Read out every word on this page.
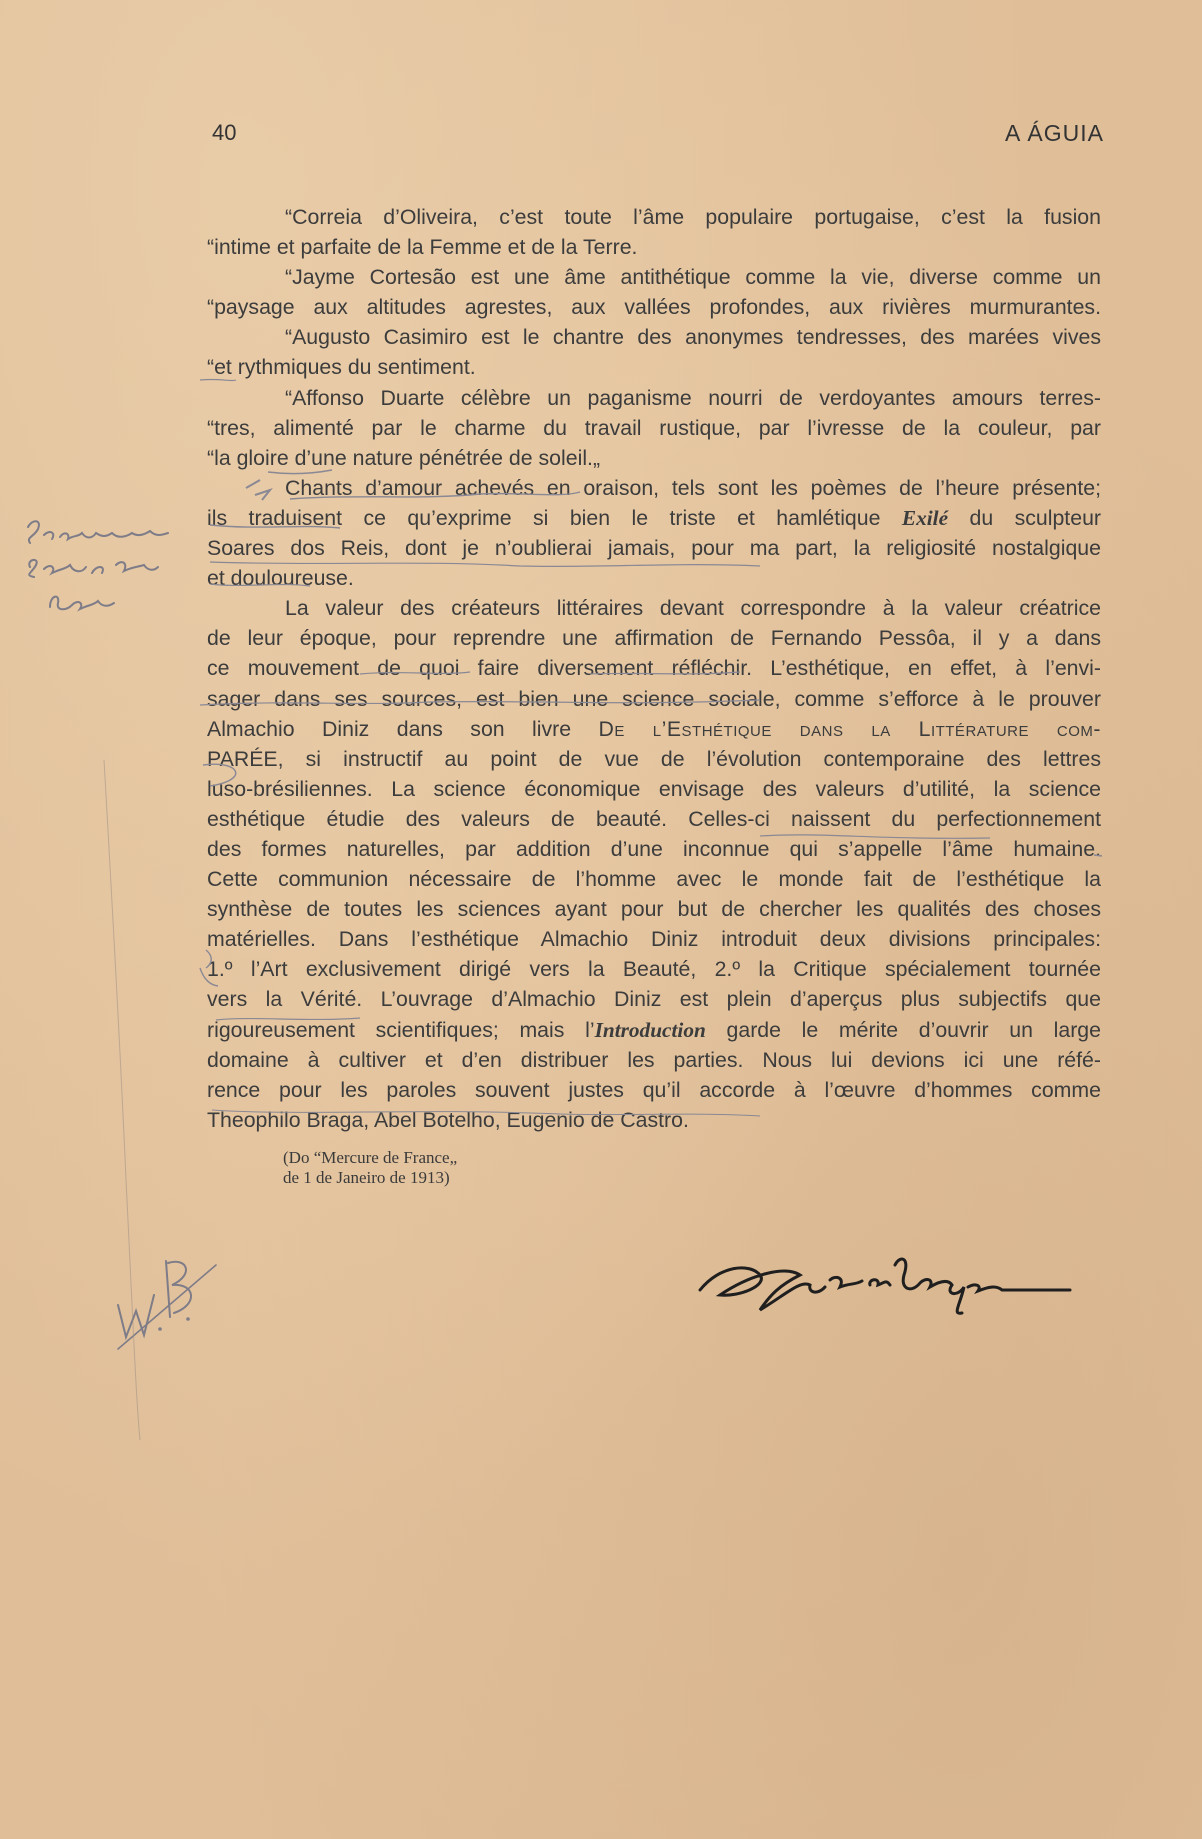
40	A ÁGUIA
“Correia d’Oliveira, c’est toute l’âme populaire portugaise, c’est la fusion
“intime et parfaite de la Femme et de la Terre.
“Jayme Cortesão est une âme antithétique comme la vie, diverse comme un
“paysage aux altitudes agrestes, aux vallées profondes, aux rivières murmurantes.
“Augusto Casimiro est le chantre des anonymes tendresses, des marées vives
“et rythmiques du sentiment.
“Affonso Duarte célèbre un paganisme nourri de verdoyantes amours terres-
“tres, alimenté par le charme du travail rustique, par l’ivresse de la couleur, par
“la gloire d’une nature pénétrée de soleil.„
Chants d’amour achevés en oraison, tels sont les poèmes de l’heure présente;
ils traduisent ce qu’exprime si bien le triste et hamlétique Exilé du sculpteur
Soares dos Reis, dont je n’oublierai jamais, pour ma part, la religiosité nostalgique
et douloureuse.
La valeur des créateurs littéraires devant correspondre à la valeur créatrice
de leur époque, pour reprendre une affirmation de Fernando Pessôa, il y a dans
ce mouvement de quoi faire diversement réfléchir. L’esthétique, en effet, à l’envi-
sager dans ses sources, est bien une science sociale, comme s’efforce à le prouver
Almachio Diniz dans son livre De l’Esthétique dans la Littérature com-
PARÉE, si instructif au point de vue de l’évolution contemporaine des lettres
luso-brésiliennes. La science économique envisage des valeurs d’utilité, la science
esthétique étudie des valeurs de beauté. Celles-ci naissent du perfectionnement
des formes naturelles, par addition d’une inconnue qui s’appelle l’âme humaine.
Cette communion nécessaire de l’homme avec le monde fait de l’esthétique la
synthèse de toutes les sciences ayant pour but de chercher les qualités des choses
matérielles. Dans l’esthétique Almachio Diniz introduit deux divisions principales:
1.º l’Art exclusivement dirigé vers la Beauté, 2.º la Critique spécialement tournée
vers la Vérité. L’ouvrage d’Almachio Diniz est plein d’aperçus plus subjectifs que
rigoureusement scientifiques; mais l’Introduction garde le mérite d’ouvrir un large
domaine à cultiver et d’en distribuer les parties. Nous lui devions ici une réfé-
rence pour les paroles souvent justes qu’il accorde à l’œuvre d’hommes comme
Theophilo Braga, Abel Botelho, Eugenio de Castro.
(Do “Mercure de France„
de 1 de Janeiro de 1913)
